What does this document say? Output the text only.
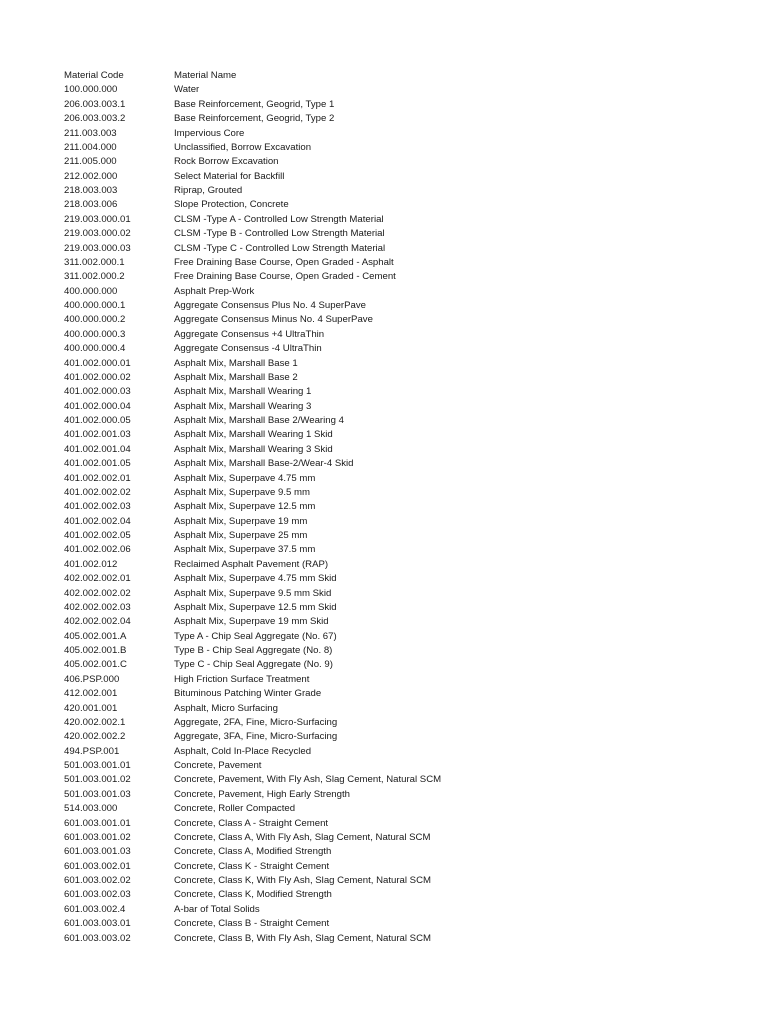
Material Code	Material Name
100.000.000	Water
206.003.003.1	Base Reinforcement, Geogrid, Type 1
206.003.003.2	Base Reinforcement, Geogrid, Type 2
211.003.003	Impervious Core
211.004.000	Unclassified, Borrow Excavation
211.005.000	Rock Borrow Excavation
212.002.000	Select Material for Backfill
218.003.003	Riprap, Grouted
218.003.006	Slope Protection, Concrete
219.003.000.01	CLSM -Type A - Controlled Low Strength Material
219.003.000.02	CLSM -Type B - Controlled Low Strength Material
219.003.000.03	CLSM -Type C - Controlled Low Strength Material
311.002.000.1	Free Draining Base Course, Open Graded - Asphalt
311.002.000.2	Free Draining Base Course, Open Graded - Cement
400.000.000	Asphalt Prep-Work
400.000.000.1	Aggregate Consensus Plus No. 4 SuperPave
400.000.000.2	Aggregate Consensus Minus No. 4 SuperPave
400.000.000.3	Aggregate Consensus +4 UltraThin
400.000.000.4	Aggregate Consensus -4 UltraThin
401.002.000.01	Asphalt Mix, Marshall Base 1
401.002.000.02	Asphalt Mix, Marshall Base 2
401.002.000.03	Asphalt Mix, Marshall Wearing 1
401.002.000.04	Asphalt Mix, Marshall Wearing 3
401.002.000.05	Asphalt Mix, Marshall Base 2/Wearing 4
401.002.001.03	Asphalt Mix, Marshall Wearing 1 Skid
401.002.001.04	Asphalt Mix, Marshall Wearing 3 Skid
401.002.001.05	Asphalt Mix, Marshall Base-2/Wear-4 Skid
401.002.002.01	Asphalt Mix, Superpave 4.75 mm
401.002.002.02	Asphalt Mix, Superpave 9.5 mm
401.002.002.03	Asphalt Mix, Superpave 12.5 mm
401.002.002.04	Asphalt Mix, Superpave 19 mm
401.002.002.05	Asphalt Mix, Superpave 25 mm
401.002.002.06	Asphalt Mix, Superpave 37.5 mm
401.002.012	Reclaimed Asphalt Pavement (RAP)
402.002.002.01	Asphalt Mix, Superpave 4.75 mm Skid
402.002.002.02	Asphalt Mix, Superpave 9.5 mm Skid
402.002.002.03	Asphalt Mix, Superpave 12.5 mm Skid
402.002.002.04	Asphalt Mix, Superpave 19 mm Skid
405.002.001.A	Type A - Chip Seal Aggregate (No. 67)
405.002.001.B	Type B - Chip Seal Aggregate (No. 8)
405.002.001.C	Type C - Chip Seal Aggregate (No. 9)
406.PSP.000	High Friction Surface Treatment
412.002.001	Bituminous Patching Winter Grade
420.001.001	Asphalt, Micro Surfacing
420.002.002.1	Aggregate, 2FA, Fine, Micro-Surfacing
420.002.002.2	Aggregate, 3FA, Fine, Micro-Surfacing
494.PSP.001	Asphalt, Cold In-Place Recycled
501.003.001.01	Concrete, Pavement
501.003.001.02	Concrete, Pavement, With Fly Ash, Slag Cement, Natural SCM
501.003.001.03	Concrete, Pavement, High Early Strength
514.003.000	Concrete, Roller Compacted
601.003.001.01	Concrete, Class A - Straight Cement
601.003.001.02	Concrete, Class A, With Fly Ash, Slag Cement, Natural SCM
601.003.001.03	Concrete, Class A, Modified Strength
601.003.002.01	Concrete, Class K - Straight Cement
601.003.002.02	Concrete, Class K, With Fly Ash, Slag Cement, Natural SCM
601.003.002.03	Concrete, Class K, Modified Strength
601.003.002.4	A-bar of Total Solids
601.003.003.01	Concrete, Class B - Straight Cement
601.003.003.02	Concrete, Class B, With Fly Ash, Slag Cement, Natural SCM
